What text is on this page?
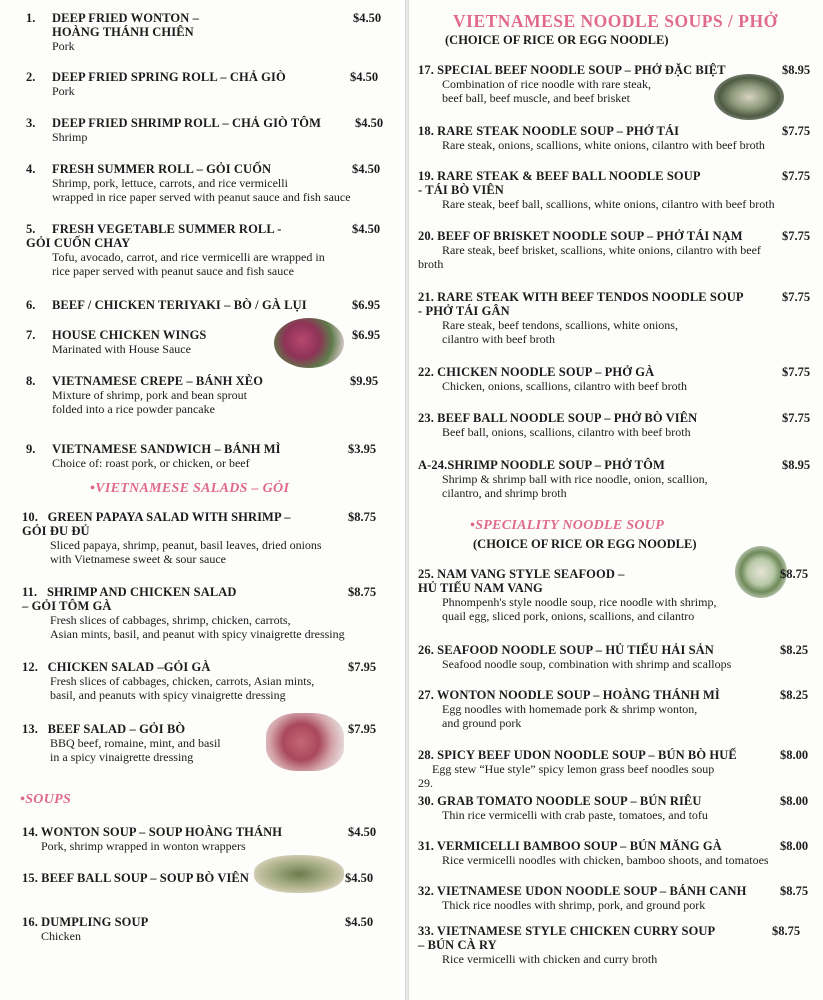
1. DEEP FRIED WONTON –
HOÀNG THÁNH CHIÊN
Pork
$4.50
2. DEEP FRIED SPRING ROLL – CHẢ GIÒ
Pork
$4.50
3. DEEP FRIED SHRIMP ROLL – CHẢ GIÒ TÔM
Shrimp
$4.50
4. FRESH SUMMER ROLL – GỎI CUỐN
Shrimp, pork, lettuce, carrots, and rice vermicelli
wrapped in rice paper served with peanut sauce and fish sauce
$4.50
5. FRESH VEGETABLE SUMMER ROLL -
GỎI CUỐN CHAY
Tofu, avocado, carrot, and rice vermicelli are wrapped in
rice paper served with peanut sauce and fish sauce
$4.50
6. BEEF / CHICKEN TERIYAKI – BÒ / GÀ LỤI	$6.95
7. HOUSE CHICKEN WINGS
Marinated with House Sauce
$6.95
8. VIETNAMESE CREPE – BÁNH XÈO
Mixture of shrimp, pork and bean sprout
folded into a rice powder pancake
$9.95
9. VIETNAMESE SANDWICH – BÁNH MÌ
Choice of: roast pork, or chicken, or beef
$3.95
•VIETNAMESE SALADS – GỎI
10. GREEN PAPAYA SALAD WITH SHRIMP –
GỎI ĐU ĐỦ
Sliced papaya, shrimp, peanut, basil leaves, dried onions
with Vietnamese sweet & sour sauce
$8.75
11. SHRIMP AND CHICKEN SALAD
– GỎI TÔM GÀ
Fresh slices of cabbages, shrimp, chicken, carrots,
Asian mints, basil, and peanut with spicy vinaigrette dressing
$8.75
12. CHICKEN SALAD –GỎI GÀ
Fresh slices of cabbages, chicken, carrots, Asian mints,
basil, and peanuts with spicy vinaigrette dressing
$7.95
13. BEEF SALAD – GỎI BÒ
BBQ beef, romaine, mint, and basil
in a spicy vinaigrette dressing
$7.95
•SOUPS
14. WONTON SOUP – SOUP HOÀNG THÁNH
Pork, shrimp wrapped in wonton wrappers
$4.50
15. BEEF BALL SOUP – SOUP BÒ VIÊN	$4.50
16. DUMPLING SOUP
Chicken
$4.50
VIETNAMESE NOODLE SOUPS / PHỞ
(CHOICE OF RICE OR EGG NOODLE)
17. SPECIAL BEEF NOODLE SOUP – PHỞ ĐẶC BIỆT
Combination of rice noodle with rare steak,
beef ball, beef muscle, and beef brisket
$8.95
18. RARE STEAK NOODLE SOUP – PHỞ TÁI
Rare steak, onions, scallions, white onions, cilantro with beef broth
$7.75
19. RARE STEAK & BEEF BALL NOODLE SOUP
- TÁI BÒ VIÊN
Rare steak, beef ball, scallions, white onions, cilantro with beef broth
$7.75
20. BEEF OF BRISKET NOODLE SOUP – PHỞ TÁI NẠM
Rare steak, beef brisket, scallions, white onions, cilantro with beef
broth
$7.75
21. RARE STEAK WITH BEEF TENDOS NOODLE SOUP
- PHỞ TÁI GÂN
Rare steak, beef tendons, scallions, white onions,
cilantro with beef broth
$7.75
22. CHICKEN NOODLE SOUP – PHỞ GÀ
Chicken, onions, scallions, cilantro with beef broth
$7.75
23. BEEF BALL NOODLE SOUP – PHỞ BÒ VIÊN
Beef ball, onions, scallions, cilantro with beef broth
$7.75
A-24.SHRIMP NOODLE SOUP – PHỞ TÔM
Shrimp & shrimp ball with rice noodle, onion, scallion,
cilantro, and shrimp broth
$8.95
•SPECIALITY NOODLE SOUP
(CHOICE OF RICE OR EGG NOODLE)
25. NAM VANG STYLE SEAFOOD –
HỦ TIẾU NAM VANG
Phnompenh's style noodle soup, rice noodle with shrimp,
quail egg, sliced pork, onions, scallions, and cilantro
$8.75
26. SEAFOOD NOODLE SOUP – HỦ TIẾU HẢI SẢN
Seafood noodle soup, combination with shrimp and scallops
$8.25
27. WONTON NOODLE SOUP – HOÀNG THÁNH MÌ
Egg noodles with homemade pork & shrimp wonton,
and ground pork
$8.25
28. SPICY BEEF UDON NOODLE SOUP – BÚN BÒ HUẾ
Egg stew “Hue style” spicy lemon grass beef noodles soup
29.
$8.00
30. GRAB TOMATO NOODLE SOUP – BÚN RIÊU
Thin rice vermicelli with crab paste, tomatoes, and tofu
$8.00
31. VERMICELLI BAMBOO SOUP – BÚN MĂNG GÀ
Rice vermicelli noodles with chicken, bamboo shoots, and tomatoes
$8.00
32. VIETNAMESE UDON NOODLE SOUP – BÁNH CANH
Thick rice noodles with shrimp, pork, and ground pork
$8.75
33. VIETNAMESE STYLE CHICKEN CURRY SOUP
– BÚN CÀ RY
Rice vermicelli with chicken and curry broth
$8.75
